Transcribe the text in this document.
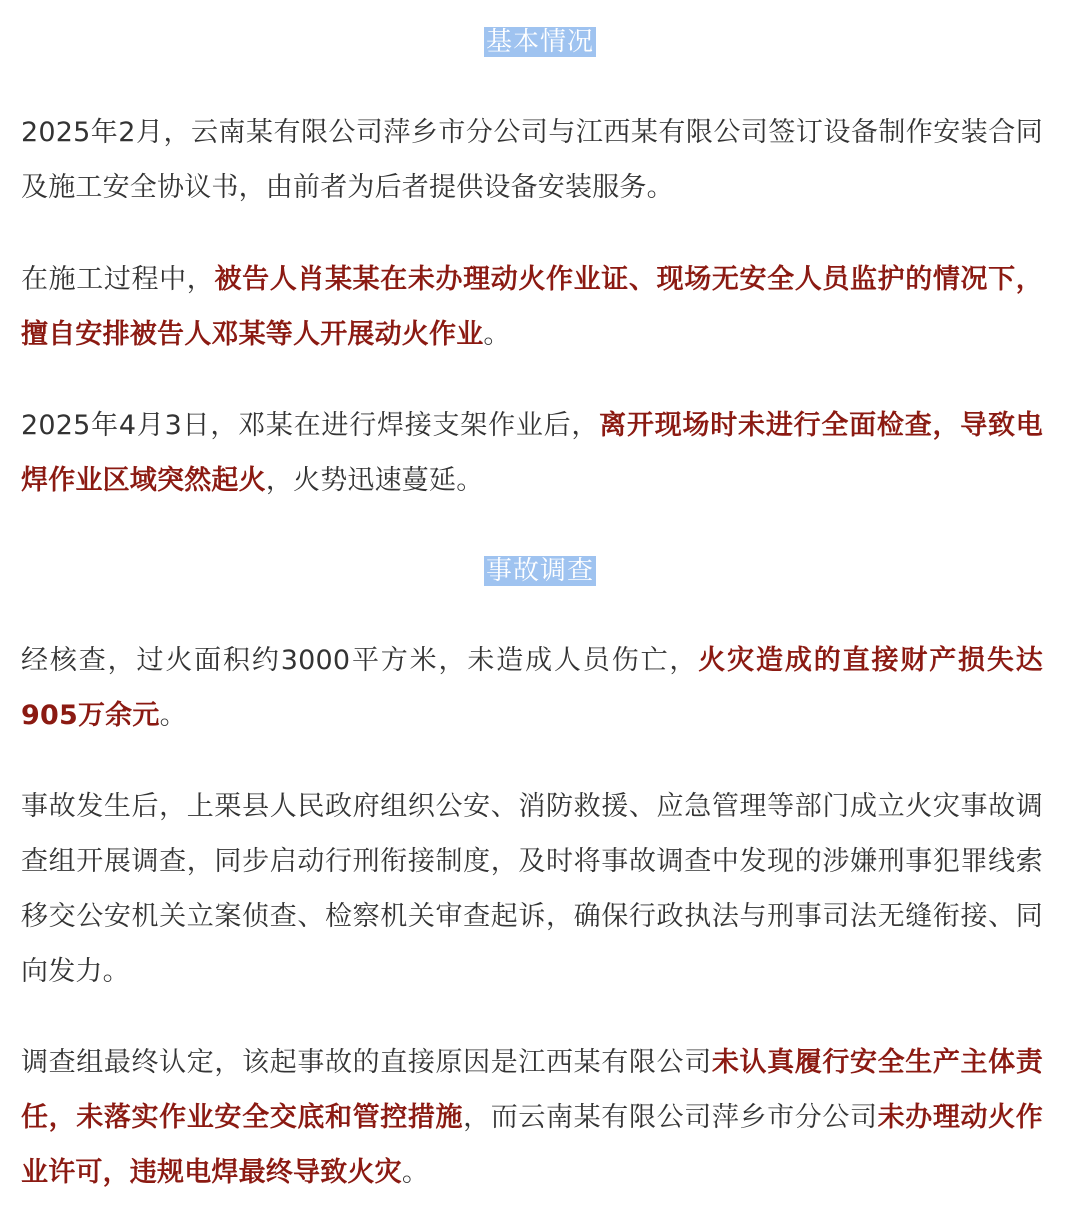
基本情况

2025年2月，云南某有限公司萍乡市分公司与江西某有限公司签订设备制作安装合同及施工安全协议书，由前者为后者提供设备安装服务。

在施工过程中，被告人肖某某在未办理动火作业证、现场无安全人员监护的情况下，擅自安排被告人邓某等人开展动火作业。

2025年4月3日，邓某在进行焊接支架作业后，离开现场时未进行全面检查，导致电焊作业区域突然起火，火势迅速蔓延。

事故调查

经核查，过火面积约3000平方米，未造成人员伤亡，火灾造成的直接财产损失达905万余元。

事故发生后，上栗县人民政府组织公安、消防救援、应急管理等部门成立火灾事故调查组开展调查，同步启动行刑衔接制度，及时将事故调查中发现的涉嫌刑事犯罪线索移交公安机关立案侦查、检察机关审查起诉，确保行政执法与刑事司法无缝衔接、同向发力。

调查组最终认定，该起事故的直接原因是江西某有限公司未认真履行安全生产主体责任，未落实作业安全交底和管控措施，而云南某有限公司萍乡市分公司未办理动火作业许可，违规电焊最终导致火灾。
